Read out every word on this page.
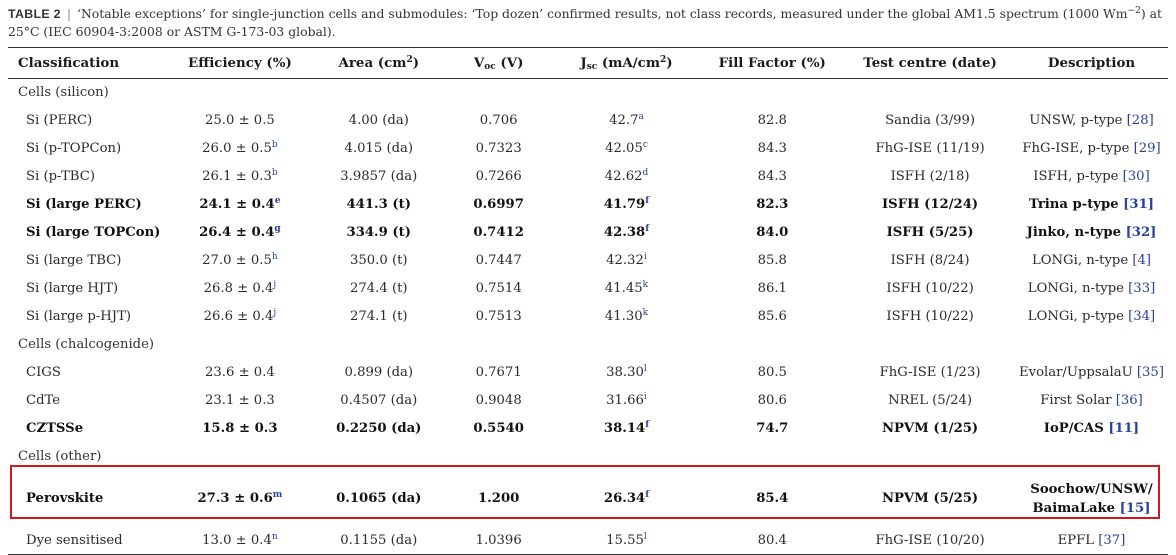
TABLE 2 | ‘Notable exceptions’ for single-junction cells and submodules: ‘Top dozen’ confirmed results, not class records, measured under the global AM1.5 spectrum (1000 $Wm^{-2}$) at 25°C (IEC 60904-3:2008 or ASTM G-173-03 global).
Classification	Efficiency (%)	Area $(cm^2)$	$V_{oc}$ (V)	$J_{sc}$ $(mA/cm^2)$	Fill Factor (%)	Test centre (date)	Description
Cells (silicon)							
Si (PERC)	25.0 ± 0.5	4.00 (da)	0.706	42.7$^a$	82.8	Sandia (3/99)	UNSW, p-type [28]
Si (p-TOPCon)	26.0 ± 0.5$^b$	4.015 (da)	0.7323	42.05$^c$	84.3	FhG-ISE (11/19)	FhG-ISE, p-type [29]
Si (p-TBC)	26.1 ± 0.3$^b$	3.9857 (da)	0.7266	42.62$^d$	84.3	ISFH (2/18)	ISFH, p-type [30]
Si (large PERC)	24.1 ± 0.4$^e$	441.3 (t)	0.6997	41.79$^f$	82.3	ISFH (12/24)	Trina p-type [31]
Si (large TOPCon)	26.4 ± 0.4$^g$	334.9 (t)	0.7412	42.38$^f$	84.0	ISFH (5/25)	Jinko, n-type [32]
Si (large TBC)	27.0 ± 0.5$^h$	350.0 (t)	0.7447	42.32$^i$	85.8	ISFH (8/24)	LONGi, n-type [4]
Si (large HJT)	$26.8 \pm 0.4^j$	274.4 (t)	0.7514	41.45$^k$	86.1	ISFH (10/22)	LONGi, n-type [33]
Si (large p-HJT)	$26.6 \pm 0.4^j$	274.1 (t)	0.7513	41.30$^k$	85.6	ISFH (10/22)	LONGi, p-type [34]
Cells (chalcogenide)							
CIGS	23.6 ± 0.4	0.899 (da)	0.7671	38.30$^l$	80.5	FhG-ISE (1/23)	Evolar/UppsalaU [35]
CdTe	23.1 ± 0.3	0.4507 (da)	0.9048	31.66$^i$	80.6	NREL (5/24)	First Solar [36]
CZTSSe	15.8 ± 0.3	0.2250 (da)	0.5540	38.14$^f$	74.7	NPVM (1/25)	IoP/CAS [11]
Cells (other)							
Perovskite	$27.3 \pm 0.6^m$	0.1065 (da)	1.200	26.34$^f$	85.4	NPVM (5/25)	Soochow/UNSW/ BaimaLake [15]
Dye sensitised	$13.0 \pm 0.4^n$	0.1155 (da)	1.0396	15.55$^l$	80.4	FhG-ISE (10/20)	EPFL [37]
